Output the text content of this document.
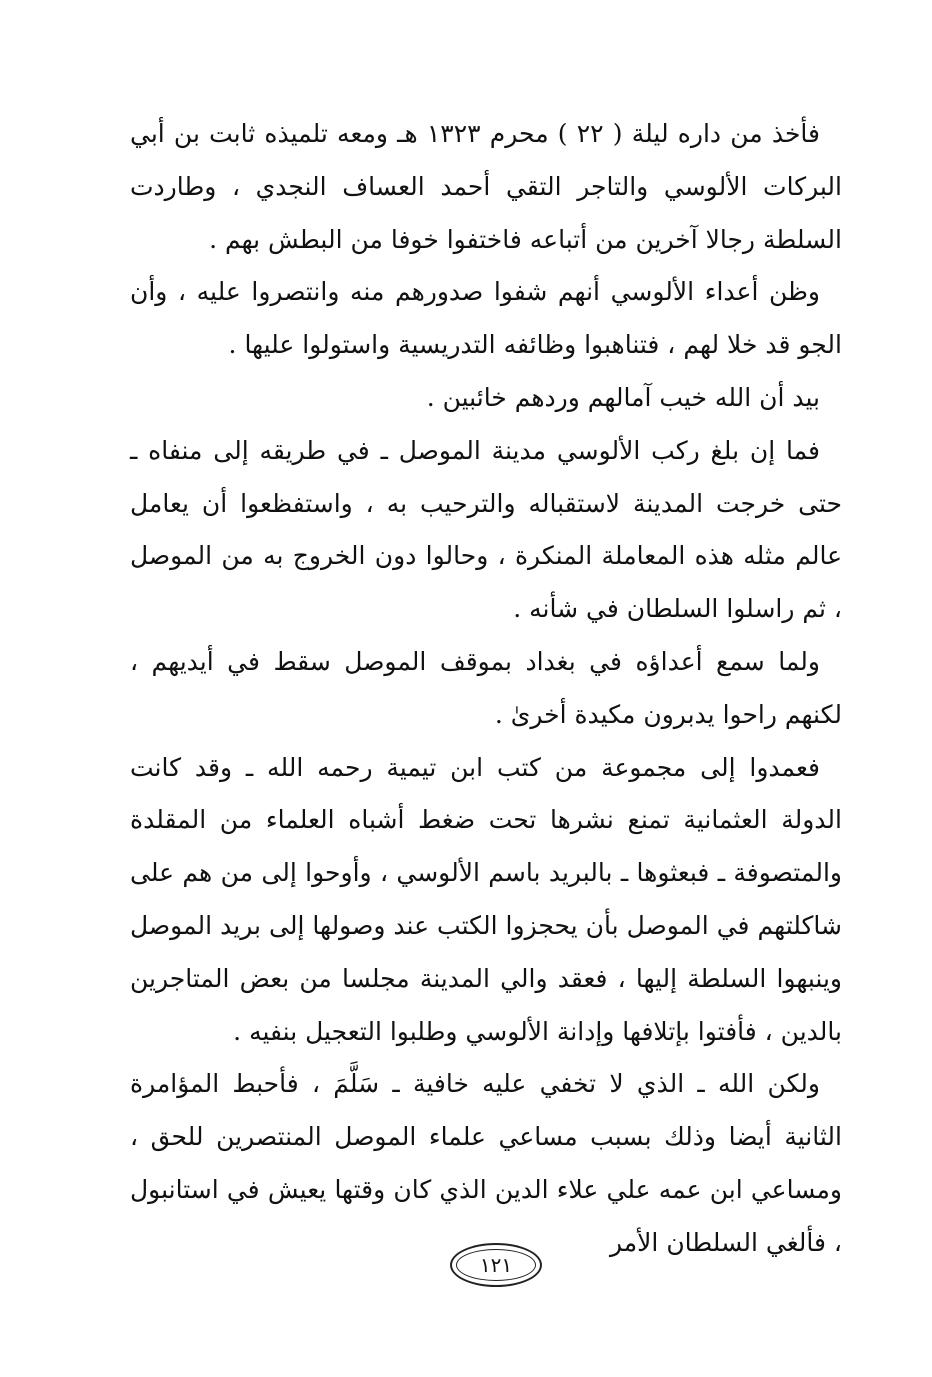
فأخذ من داره ليلة ( ٢٢ ) محرم ١٣٢٣ هـ ومعه تلميذه ثابت بن أبي البركات الألوسي والتاجر التقي أحمد العساف النجدي ، وطاردت السلطة رجالا آخرين من أتباعه فاختفوا خوفا من البطش بهم .

وظن أعداء الألوسي أنهم شفوا صدورهم منه وانتصروا عليه ، وأن الجو قد خلا لهم ، فتناهبوا وظائفه التدريسية واستولوا عليها .

بيد أن الله خيب آمالهم وردهم خائبين .

فما إن بلغ ركب الألوسي مدينة الموصل ـ في طريقه إلى منفاه ـ حتى خرجت المدينة لاستقباله والترحيب به ، واستفظعوا أن يعامل عالم مثله هذه المعاملة المنكرة ، وحالوا دون الخروج به من الموصل ، ثم راسلوا السلطان في شأنه .

ولما سمع أعداؤه في بغداد بموقف الموصل سقط في أيديهم ، لكنهم راحوا يدبرون مكيدة أخرىٰ .

فعمدوا إلى مجموعة من كتب ابن تيمية رحمه الله ـ وقد كانت الدولة العثمانية تمنع نشرها تحت ضغط أشباه العلماء من المقلدة والمتصوفة ـ فبعثوها ـ بالبريد باسم الألوسي ، وأوحوا إلى من هم على شاكلتهم في الموصل بأن يحجزوا الكتب عند وصولها إلى بريد الموصل وينبهوا السلطة إليها ، فعقد والي المدينة مجلسا من بعض المتاجرين بالدين ، فأفتوا بإتلافها وإدانة الألوسي وطلبوا التعجيل بنفيه .

ولكن الله ـ الذي لا تخفي عليه خافية ـ سَلَّمَ ، فأحبط المؤامرة الثانية أيضا وذلك بسبب مساعي علماء الموصل المنتصرين للحق ، ومساعي ابن عمه علي علاء الدين الذي كان وقتها يعيش في استانبول ، فألغي السلطان الأمر

١٢١
